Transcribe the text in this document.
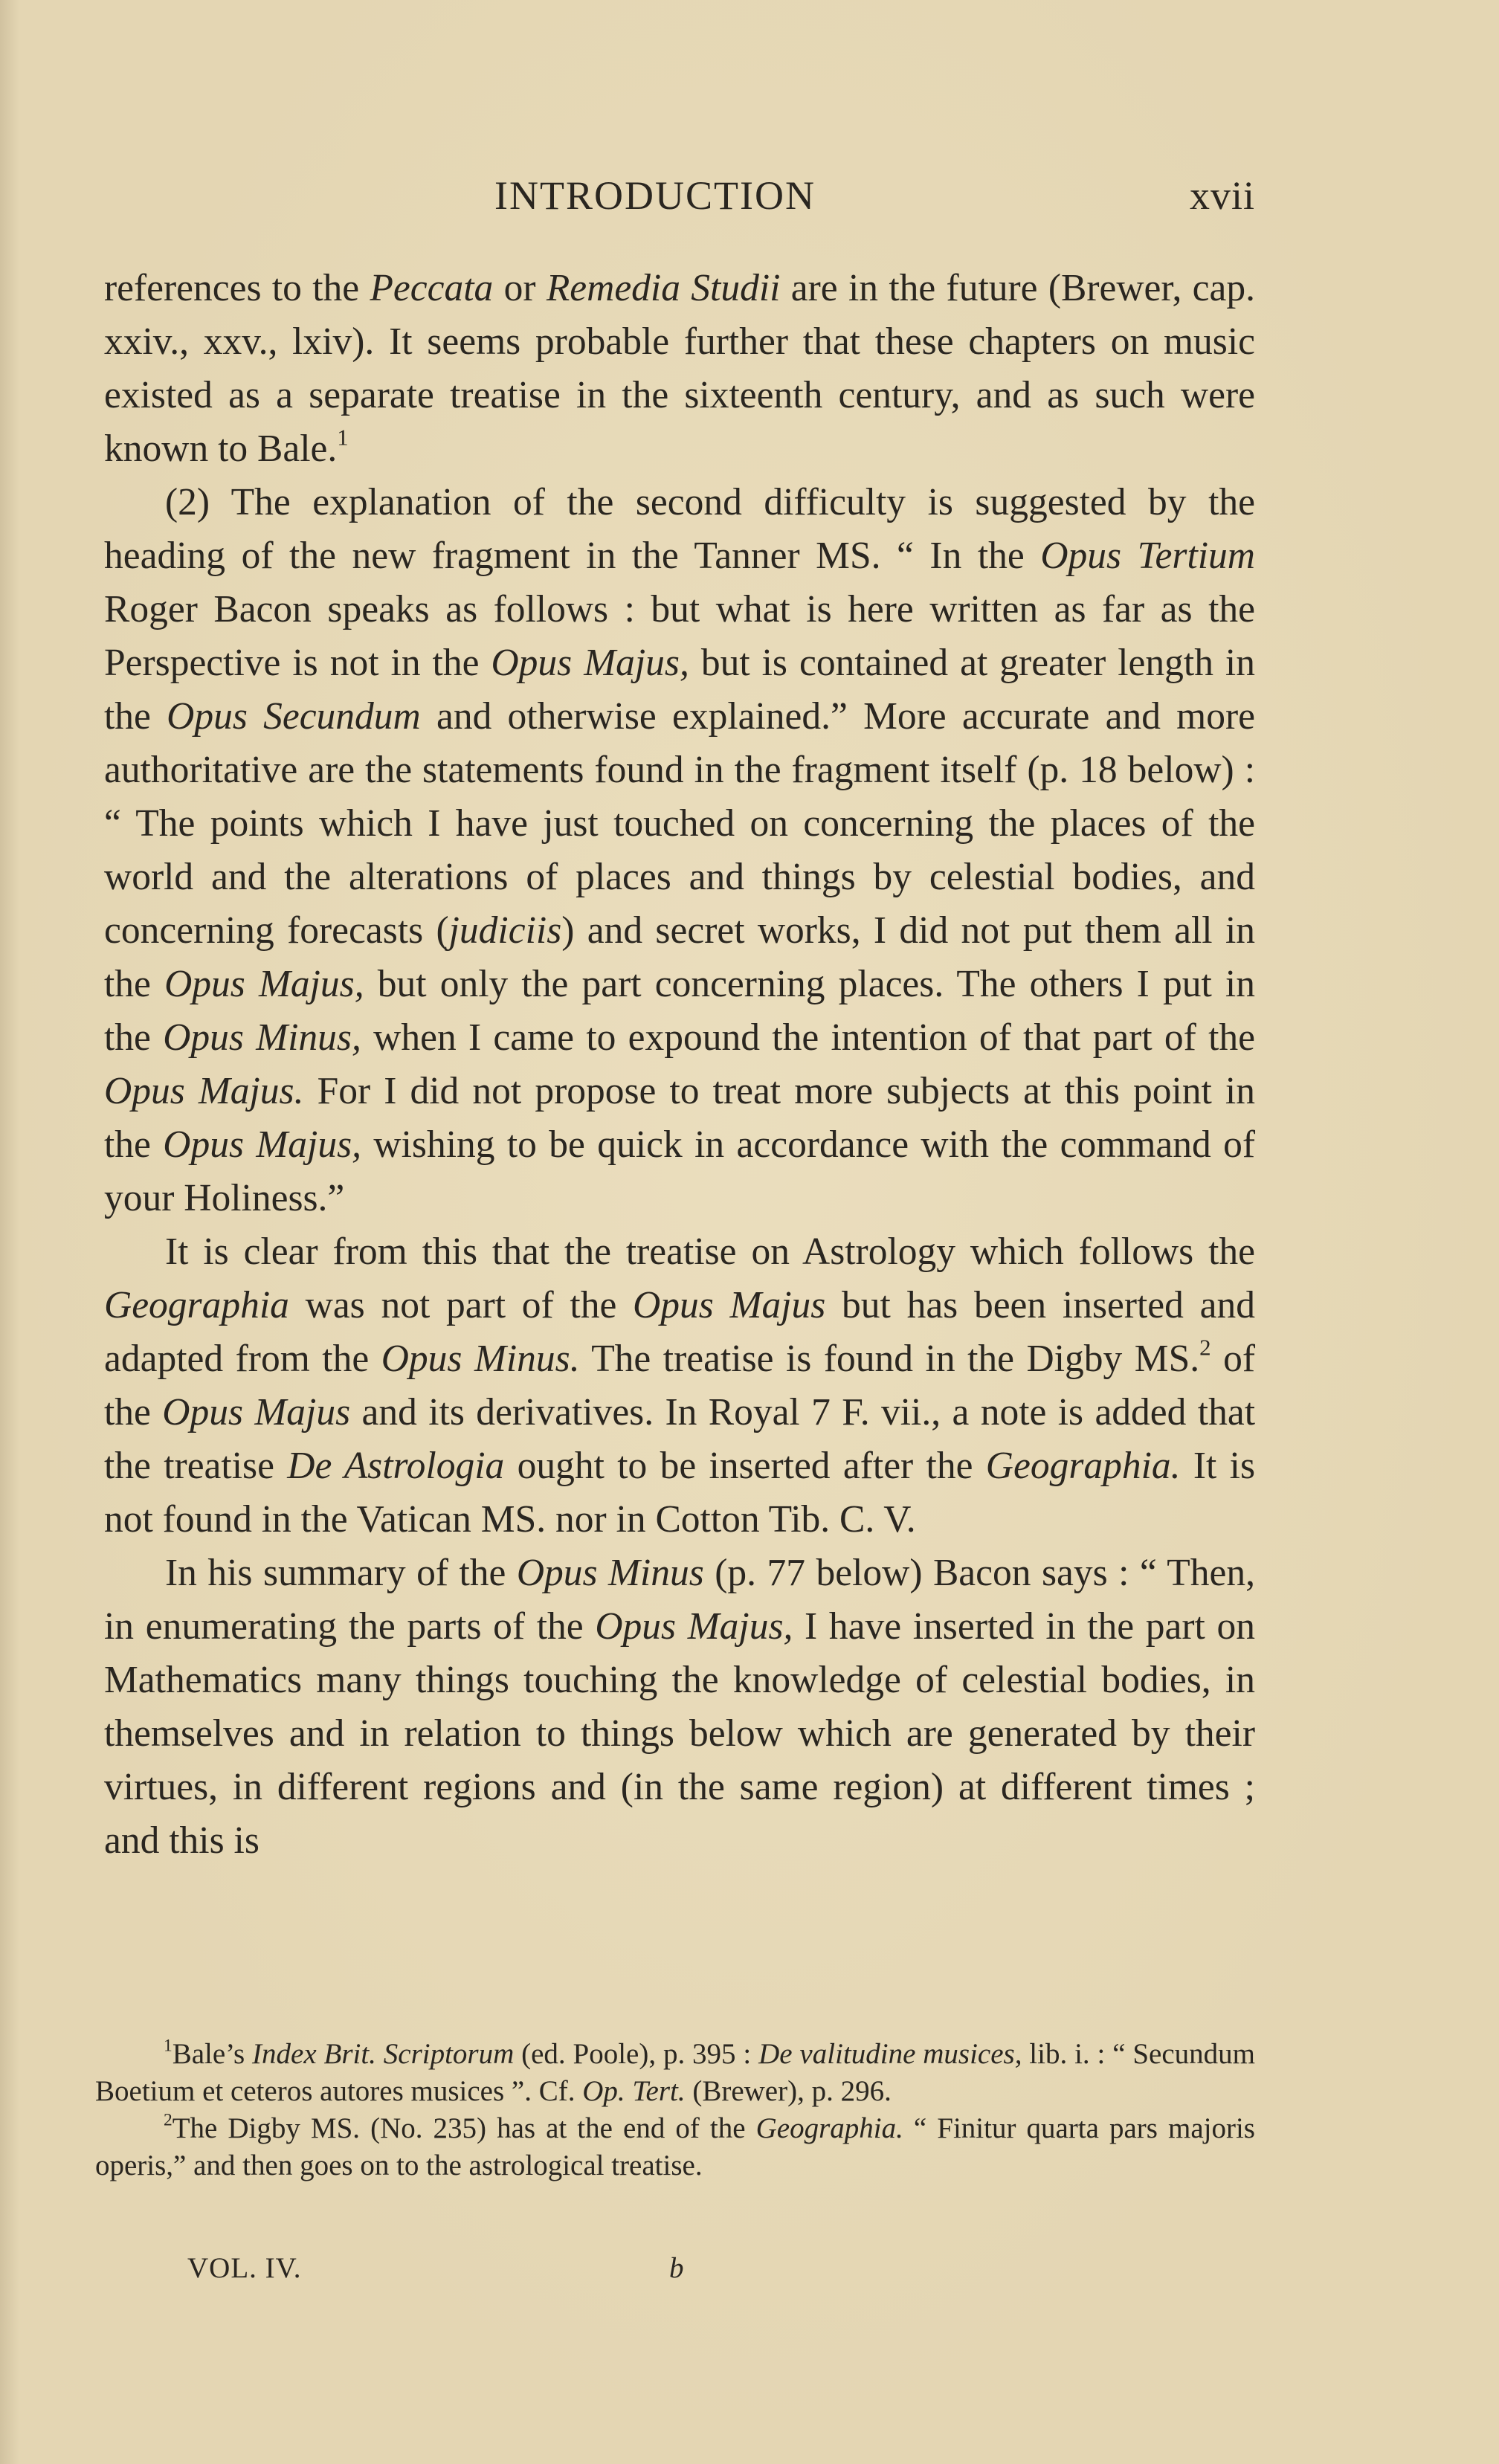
INTRODUCTION	xvii

references to the Peccata or Remedia Studii are in the future (Brewer, cap. xxiv., xxv., lxiv). It seems probable further that these chapters on music existed as a separate treatise in the sixteenth century, and as such were known to Bale.$^1$

(2) The explanation of the second difficulty is suggested by the heading of the new fragment in the Tanner MS. “ In the Opus Tertium Roger Bacon speaks as follows : but what is here written as far as the Perspective is not in the Opus Majus, but is contained at greater length in the Opus Secundum and otherwise explained.” More accurate and more authoritative are the statements found in the fragment itself (p. 18 below) : “ The points which I have just touched on concerning the places of the world and the alterations of places and things by celestial bodies, and concerning forecasts (judiciis) and secret works, I did not put them all in the Opus Majus, but only the part concerning places. The others I put in the Opus Minus, when I came to expound the intention of that part of the Opus Majus. For I did not propose to treat more subjects at this point in the Opus Majus, wishing to be quick in accordance with the command of your Holiness.”

It is clear from this that the treatise on Astrology which follows the Geographia was not part of the Opus Majus but has been inserted and adapted from the Opus Minus. The treatise is found in the Digby MS.$^2$ of the Opus Majus and its derivatives. In Royal 7 F. vii., a note is added that the treatise De Astrologia ought to be inserted after the Geographia. It is not found in the Vatican MS. nor in Cotton Tib. C. V.

In his summary of the Opus Minus (p. 77 below) Bacon says : “ Then, in enumerating the parts of the Opus Majus, I have inserted in the part on Mathematics many things touching the knowledge of celestial bodies, in themselves and in relation to things below which are generated by their virtues, in different regions and (in the same region) at different times ; and this is

$^1$Bale’s Index Brit. Scriptorum (ed. Poole), p. 395 : De valitudine musices, lib. i. : “ Secundum Boetium et ceteros autores musices ”. Cf. Op. Tert. (Brewer), p. 296.

$^2$The Digby MS. (No. 235) has at the end of the Geographia. “ Finitur quarta pars majoris operis,” and then goes on to the astrological treatise.

VOL. IV.	b
